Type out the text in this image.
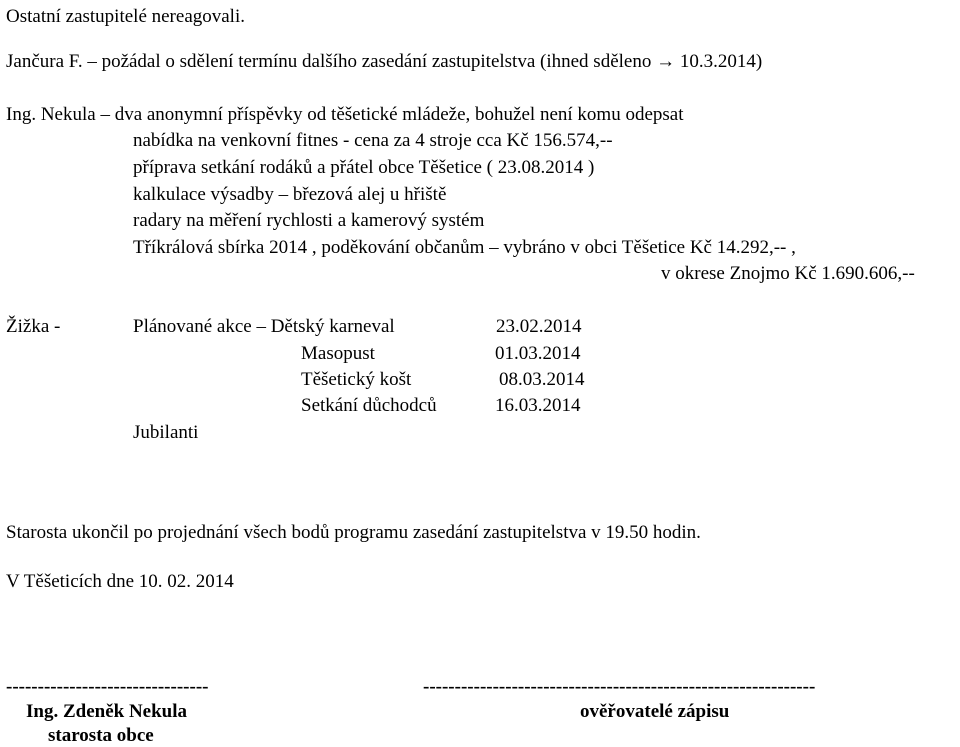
Ostatní zastupitelé nereagovali.
Jančura F. – požádal o sdělení termínu dalšího zasedání zastupitelstva (ihned sděleno → 10.3.2014)
Ing. Nekula – dva anonymní příspěvky od těšetické mládeže, bohužel není komu odepsat
nabídka na venkovní fitnes - cena za 4 stroje cca Kč 156.574,--
příprava setkání rodáků a přátel obce Těšetice ( 23.08.2014 )
kalkulace výsadby – březová alej u hřiště
radary na měření rychlosti a kamerový systém
Tříkrálová sbírka 2014 , poděkování občanům – vybráno v obci Těšetice Kč 14.292,-- ,
v okrese Znojmo Kč 1.690.606,--
Žižka -	Plánované akce – Dětský karneval	23.02.2014
Masopust	01.03.2014
Těšetický košt	08.03.2014
Setkání důchodců	16.03.2014
Jubilanti
Starosta ukončil po projednání všech bodů programu zasedání zastupitelstva v 19.50 hodin.
V Těšeticích dne 10. 02. 2014
--------------------------------	--------------------------------------------------------------
Ing. Zdeněk Nekula	ověřovatelé zápisu
starosta obce
